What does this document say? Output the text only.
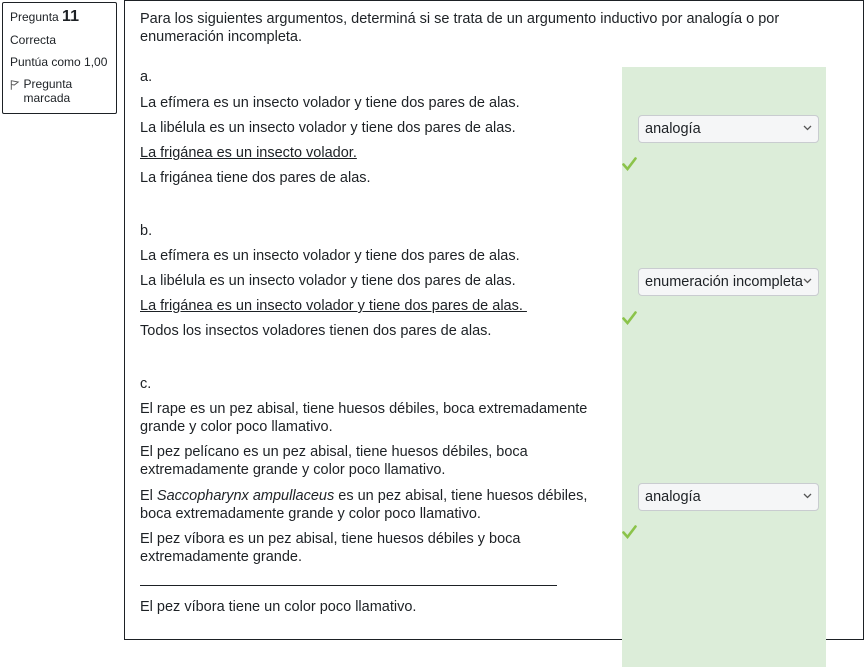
Pregunta 11
Correcta
Puntúa como 1,00
Pregunta marcada
Para los siguientes argumentos, determiná si se trata de un argumento inductivo por analogía o por enumeración incompleta.
a.
La efímera es un insecto volador y tiene dos pares de alas.
La libélula es un insecto volador y tiene dos pares de alas.
La frigánea es un insecto volador.
La frigánea tiene dos pares de alas.
analogía
b.
La efímera es un insecto volador y tiene dos pares de alas.
La libélula es un insecto volador y tiene dos pares de alas.
La frigánea es un insecto volador y tiene dos pares de alas.
Todos los insectos voladores tienen dos pares de alas.
enumeración incompleta
c.
El rape es un pez abisal, tiene huesos débiles, boca extremadamente grande y color poco llamativo.
El pez pelícano es un pez abisal, tiene huesos débiles, boca extremadamente grande y color poco llamativo.
El Saccopharynx ampullaceus es un pez abisal, tiene huesos débiles, boca extremadamente grande y color poco llamativo.
El pez víbora es un pez abisal, tiene huesos débiles y boca extremadamente grande.
El pez víbora tiene un color poco llamativo.
analogía
